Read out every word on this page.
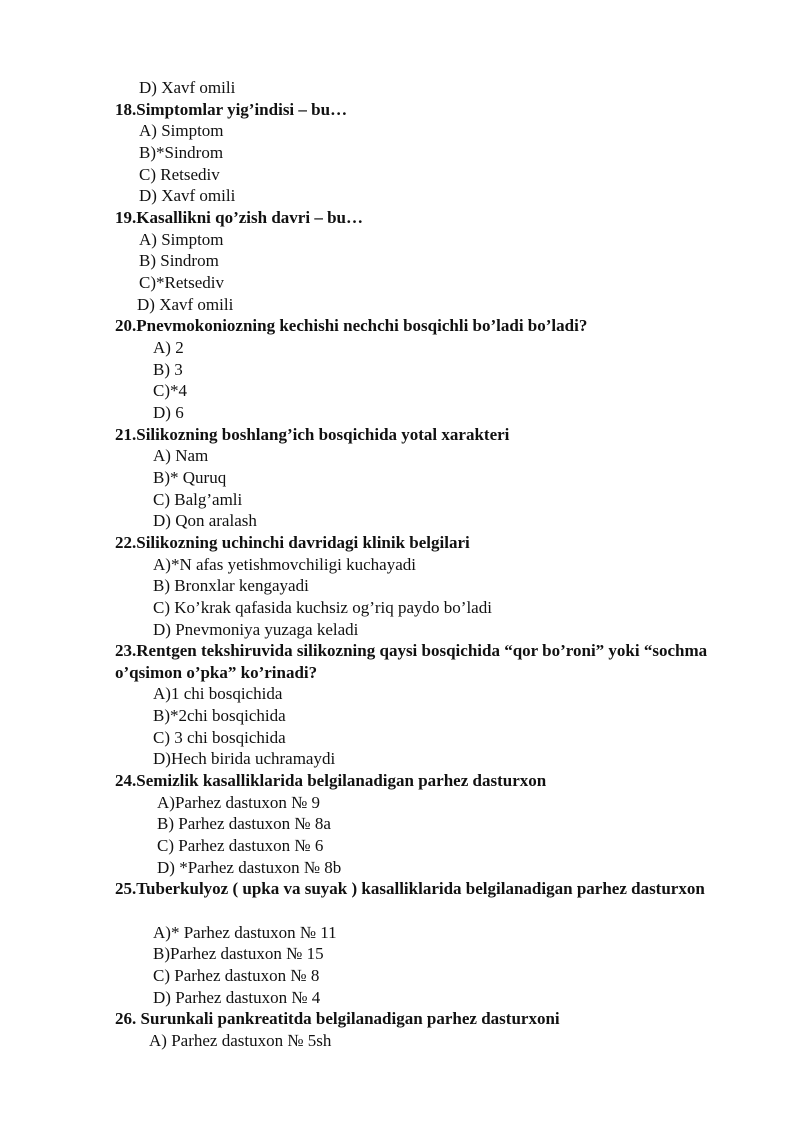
D) Xavf omili
18.Simptomlar yig’indisi – bu…
A) Simptom
B)*Sindrom
C) Retsediv
D) Xavf omili
19.Kasallikni qo’zish davri – bu…
A) Simptom
B) Sindrom
C)*Retsediv
D) Xavf omili
20.Pnevmokoniozning kechishi nechchi bosqichli bo’ladi bo’ladi?
A) 2
B) 3
C)*4
D) 6
21.Silikozning boshlang’ich bosqichida yotal xarakteri
A) Nam
B)* Quruq
C) Balg’amli
D) Qon aralash
22.Silikozning uchinchi davridagi klinik belgilari
A)*N afas yetishmovchiligi kuchayadi
B) Bronxlar kengayadi
C) Ko’krak qafasida kuchsiz og’riq paydo bo’ladi
D) Pnevmoniya yuzaga keladi
23.Rentgen tekshiruvida silikozning qaysi bosqichida “qor bo’roni” yoki “sochma o’qsimon o’pka” ko’rinadi?
A)1 chi bosqichida
B)*2chi bosqichida
C) 3 chi bosqichida
D)Hech birida uchramaydi
24.Semizlik kasalliklarida belgilanadigan parhez dasturxon
A)Parhez dastuxon № 9
B) Parhez dastuxon № 8a
C) Parhez dastuxon № 6
D) *Parhez dastuxon № 8b
25.Tuberkulyoz ( upka va suyak ) kasalliklarida belgilanadigan parhez dasturxon
A)* Parhez dastuxon № 11
B)Parhez dastuxon № 15
C) Parhez dastuxon № 8
D) Parhez dastuxon № 4
26. Surunkali pankreatitda belgilanadigan parhez dasturxoni
A) Parhez dastuxon № 5sh
